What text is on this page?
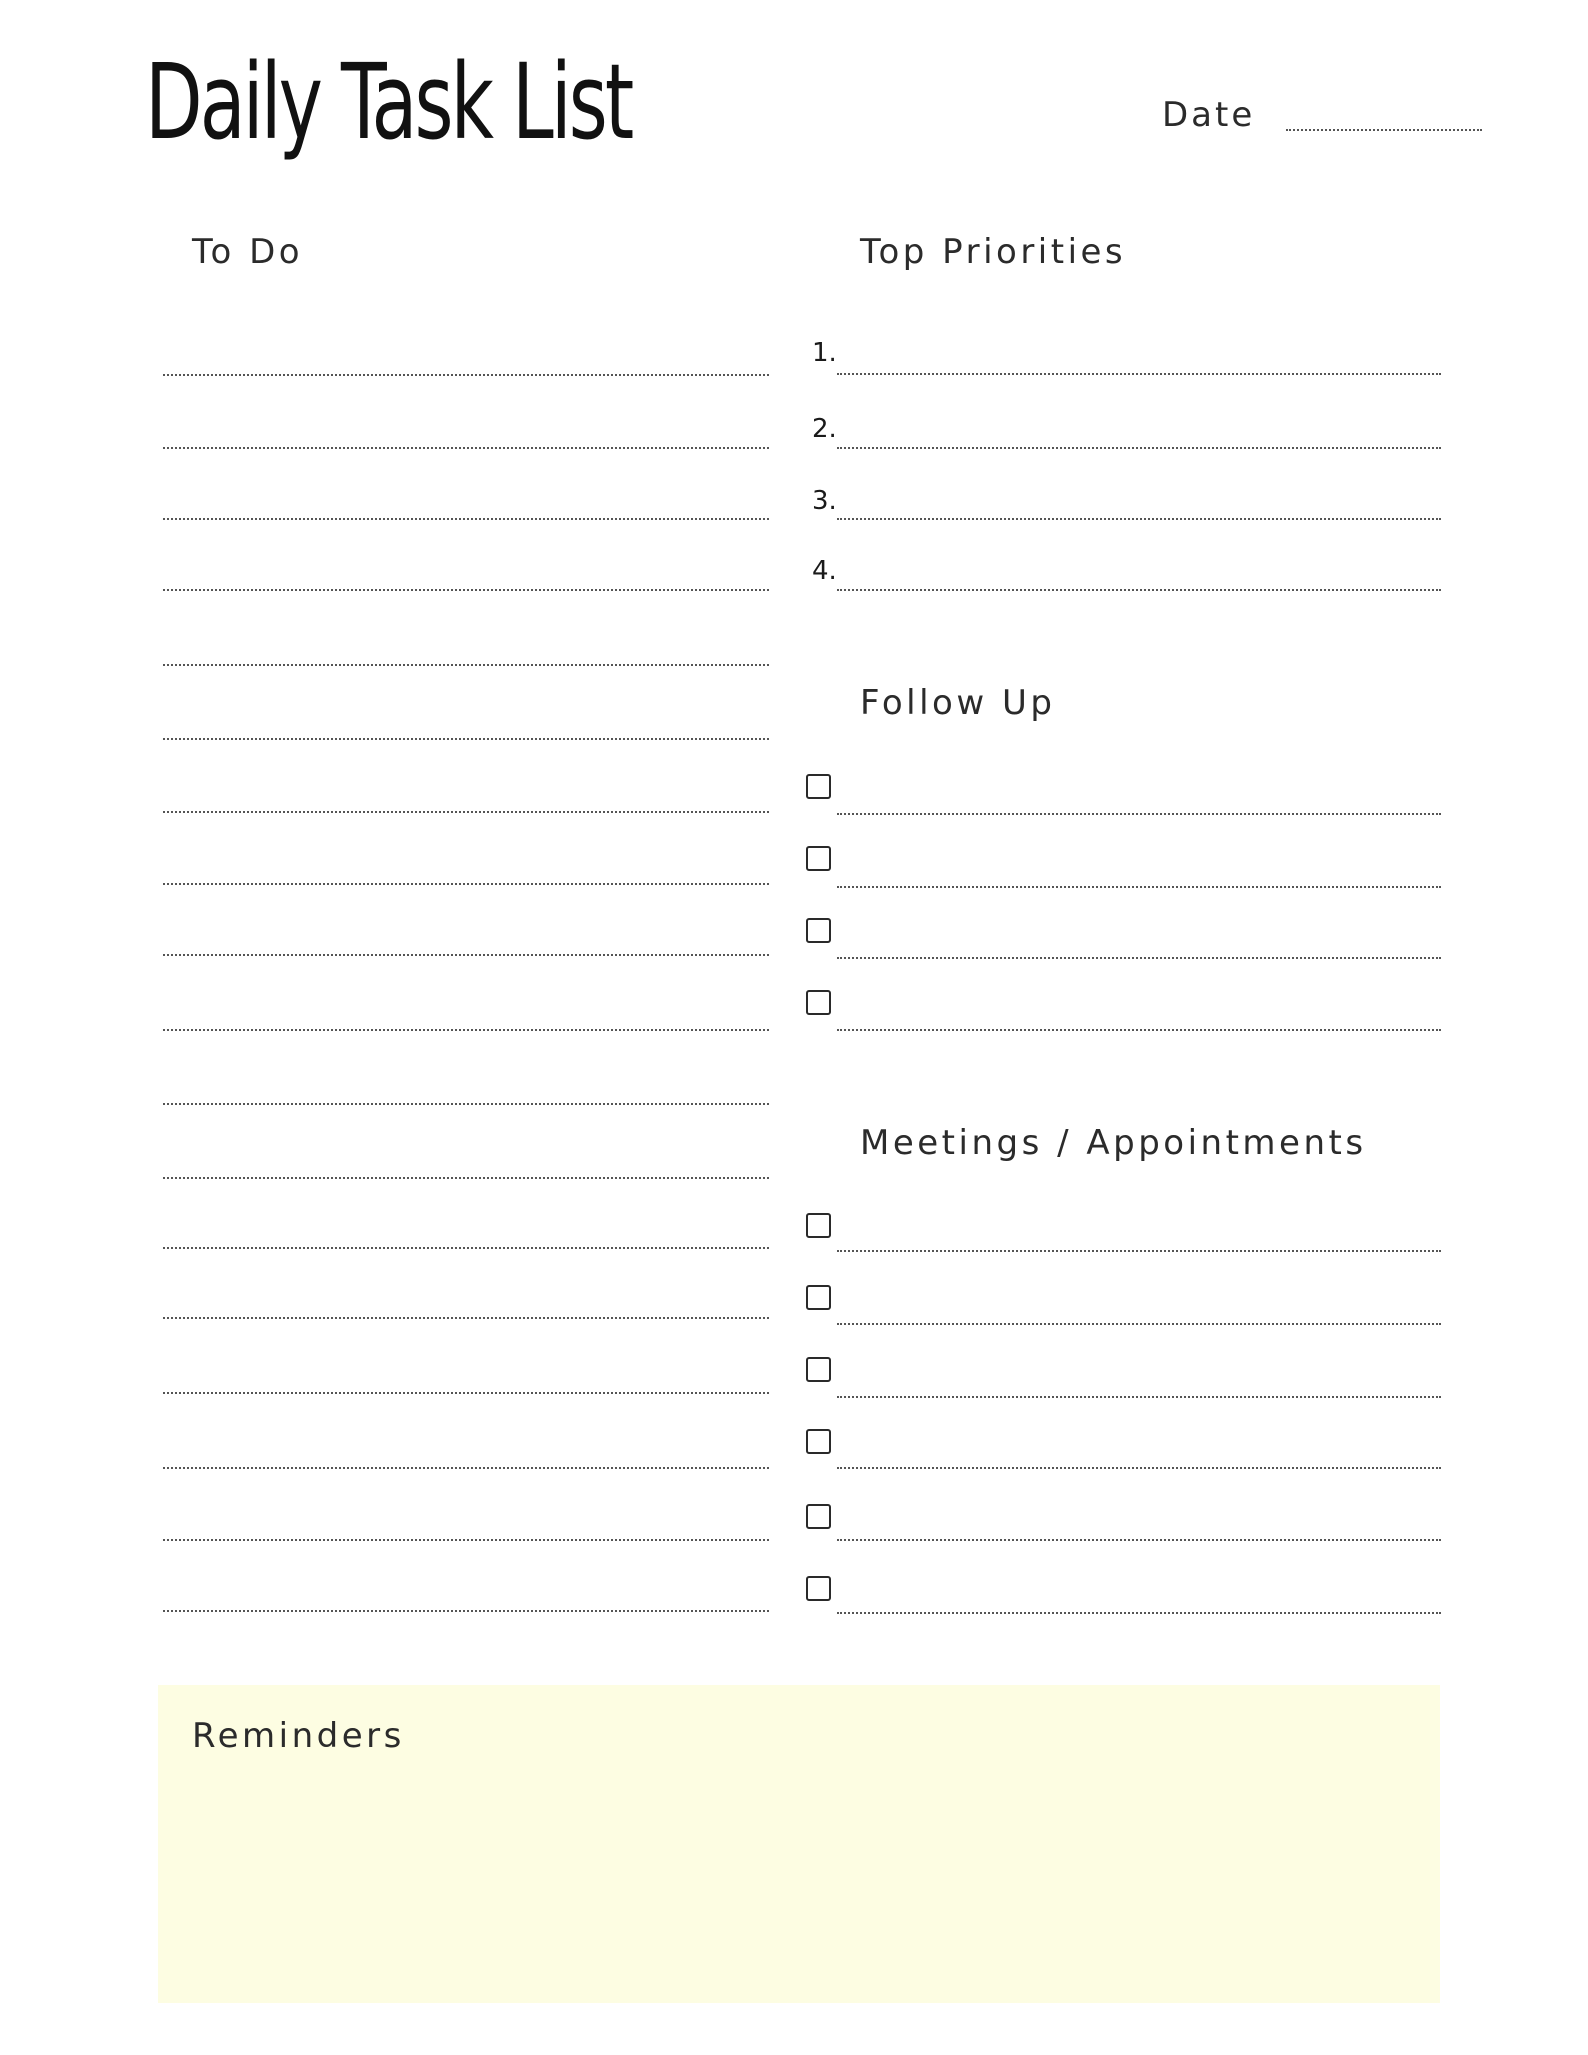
Daily Task List	Date
To Do	Top Priorities
Follow Up
Meetings / Appointments
1.
2.
3.
4.
Reminders
